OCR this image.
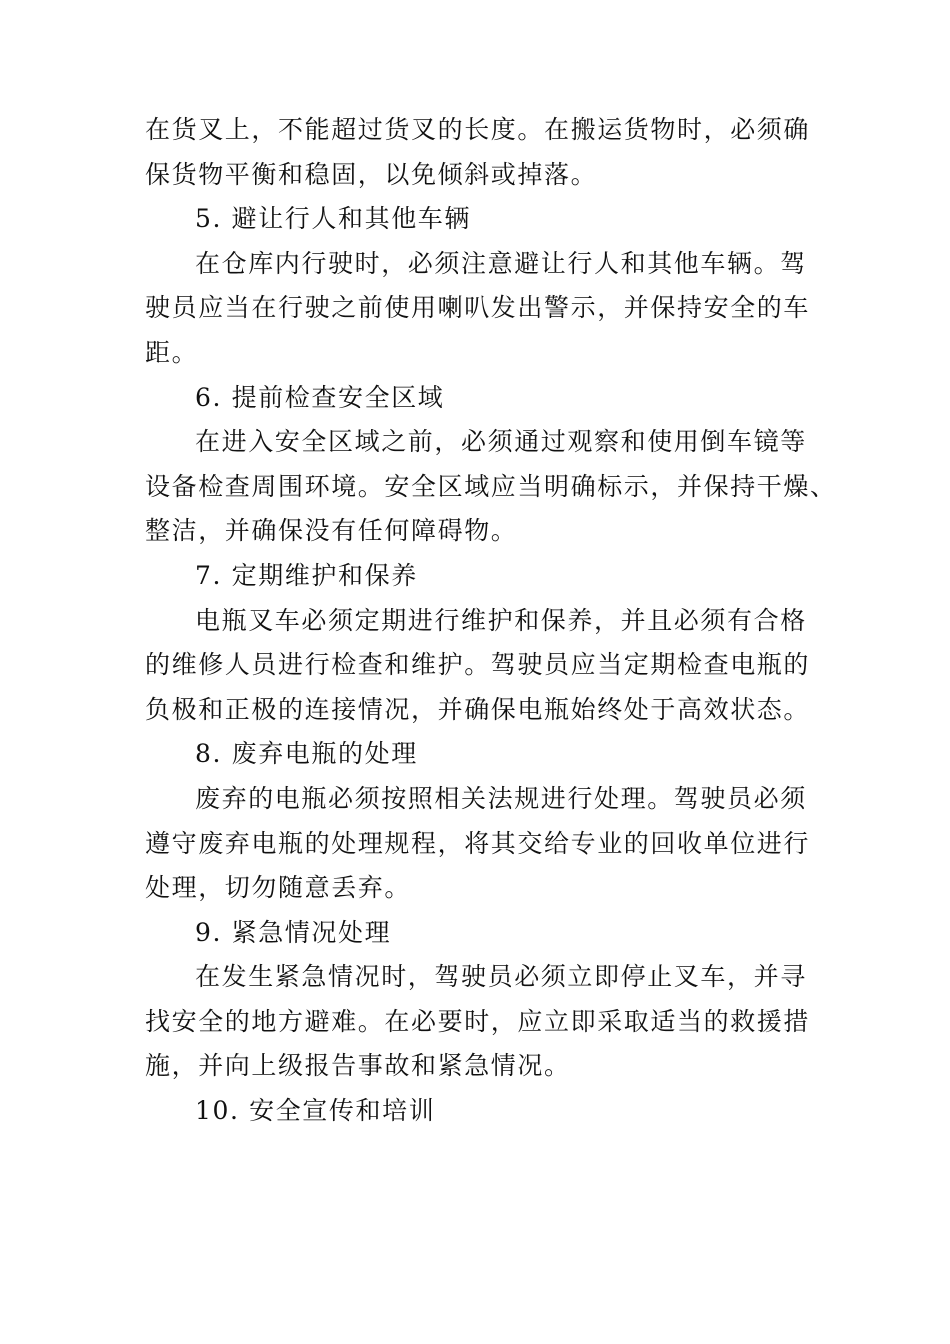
在货叉上，不能超过货叉的长度。在搬运货物时，必须确
保货物平衡和稳固，以免倾斜或掉落。
5. 避让行人和其他车辆
在仓库内行驶时，必须注意避让行人和其他车辆。驾
驶员应当在行驶之前使用喇叭发出警示，并保持安全的车
距。
6. 提前检查安全区域
在进入安全区域之前，必须通过观察和使用倒车镜等
设备检查周围环境。安全区域应当明确标示，并保持干燥、
整洁，并确保没有任何障碍物。
7. 定期维护和保养
电瓶叉车必须定期进行维护和保养，并且必须有合格
的维修人员进行检查和维护。驾驶员应当定期检查电瓶的
负极和正极的连接情况，并确保电瓶始终处于高效状态。
8. 废弃电瓶的处理
废弃的电瓶必须按照相关法规进行处理。驾驶员必须
遵守废弃电瓶的处理规程，将其交给专业的回收单位进行
处理，切勿随意丢弃。
9. 紧急情况处理
在发生紧急情况时，驾驶员必须立即停止叉车，并寻
找安全的地方避难。在必要时，应立即采取适当的救援措
施，并向上级报告事故和紧急情况。
10. 安全宣传和培训
